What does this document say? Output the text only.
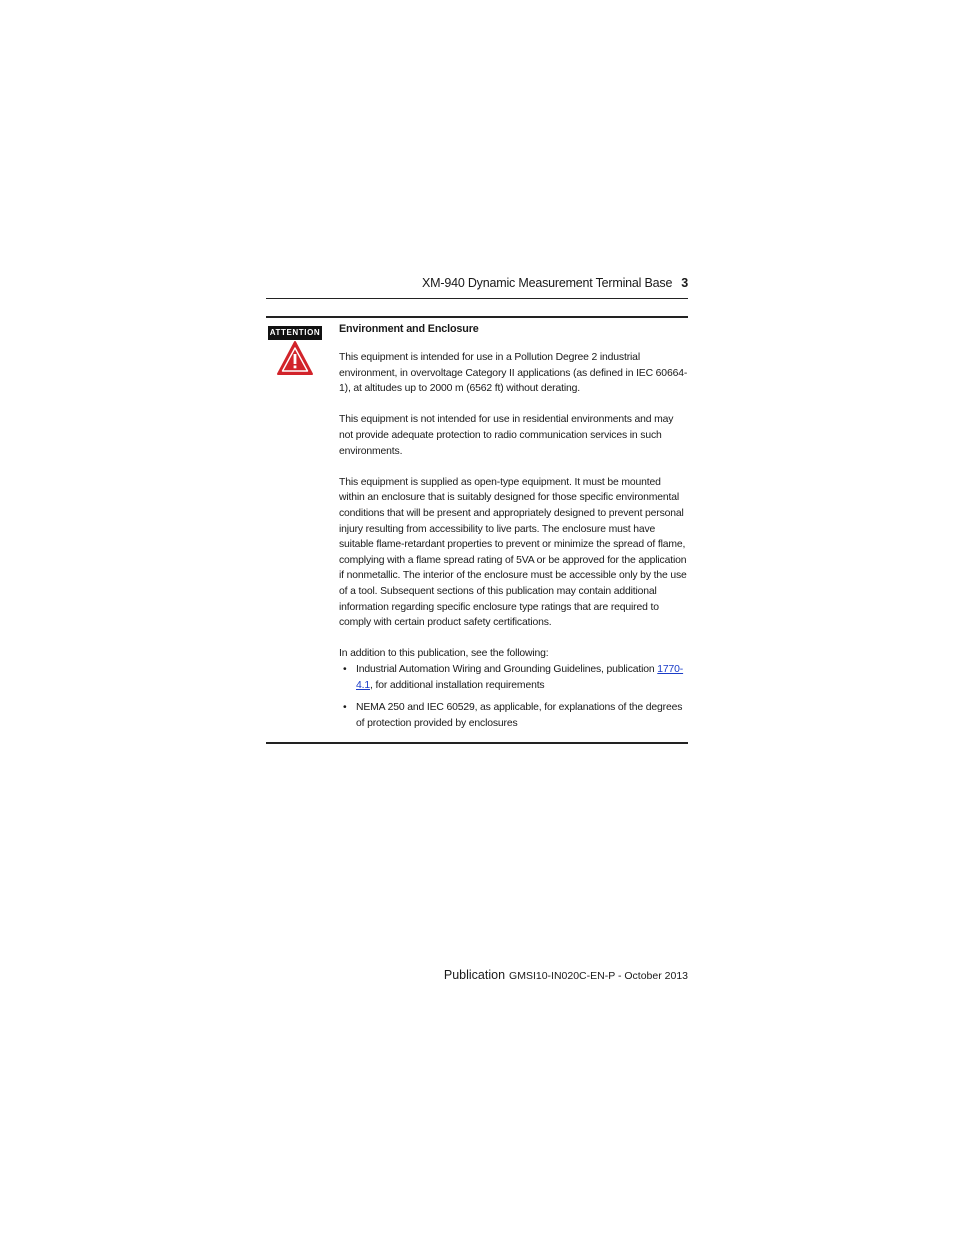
XM-940 Dynamic Measurement Terminal Base 3
ATTENTION Environment and Enclosure

This equipment is intended for use in a Pollution Degree 2 industrial environment, in overvoltage Category II applications (as defined in IEC 60664-1), at altitudes up to 2000 m (6562 ft) without derating.

This equipment is not intended for use in residential environments and may not provide adequate protection to radio communication services in such environments.

This equipment is supplied as open-type equipment. It must be mounted within an enclosure that is suitably designed for those specific environmental conditions that will be present and appropriately designed to prevent personal injury resulting from accessibility to live parts. The enclosure must have suitable flame-retardant properties to prevent or minimize the spread of flame, complying with a flame spread rating of 5VA or be approved for the application if nonmetallic. The interior of the enclosure must be accessible only by the use of a tool. Subsequent sections of this publication may contain additional information regarding specific enclosure type ratings that are required to comply with certain product safety certifications.

In addition to this publication, see the following:

• Industrial Automation Wiring and Grounding Guidelines, publication 1770-4.1, for additional installation requirements
• NEMA 250 and IEC 60529, as applicable, for explanations of the degrees of protection provided by enclosures
Publication GMSI10-IN020C-EN-P - October 2013
